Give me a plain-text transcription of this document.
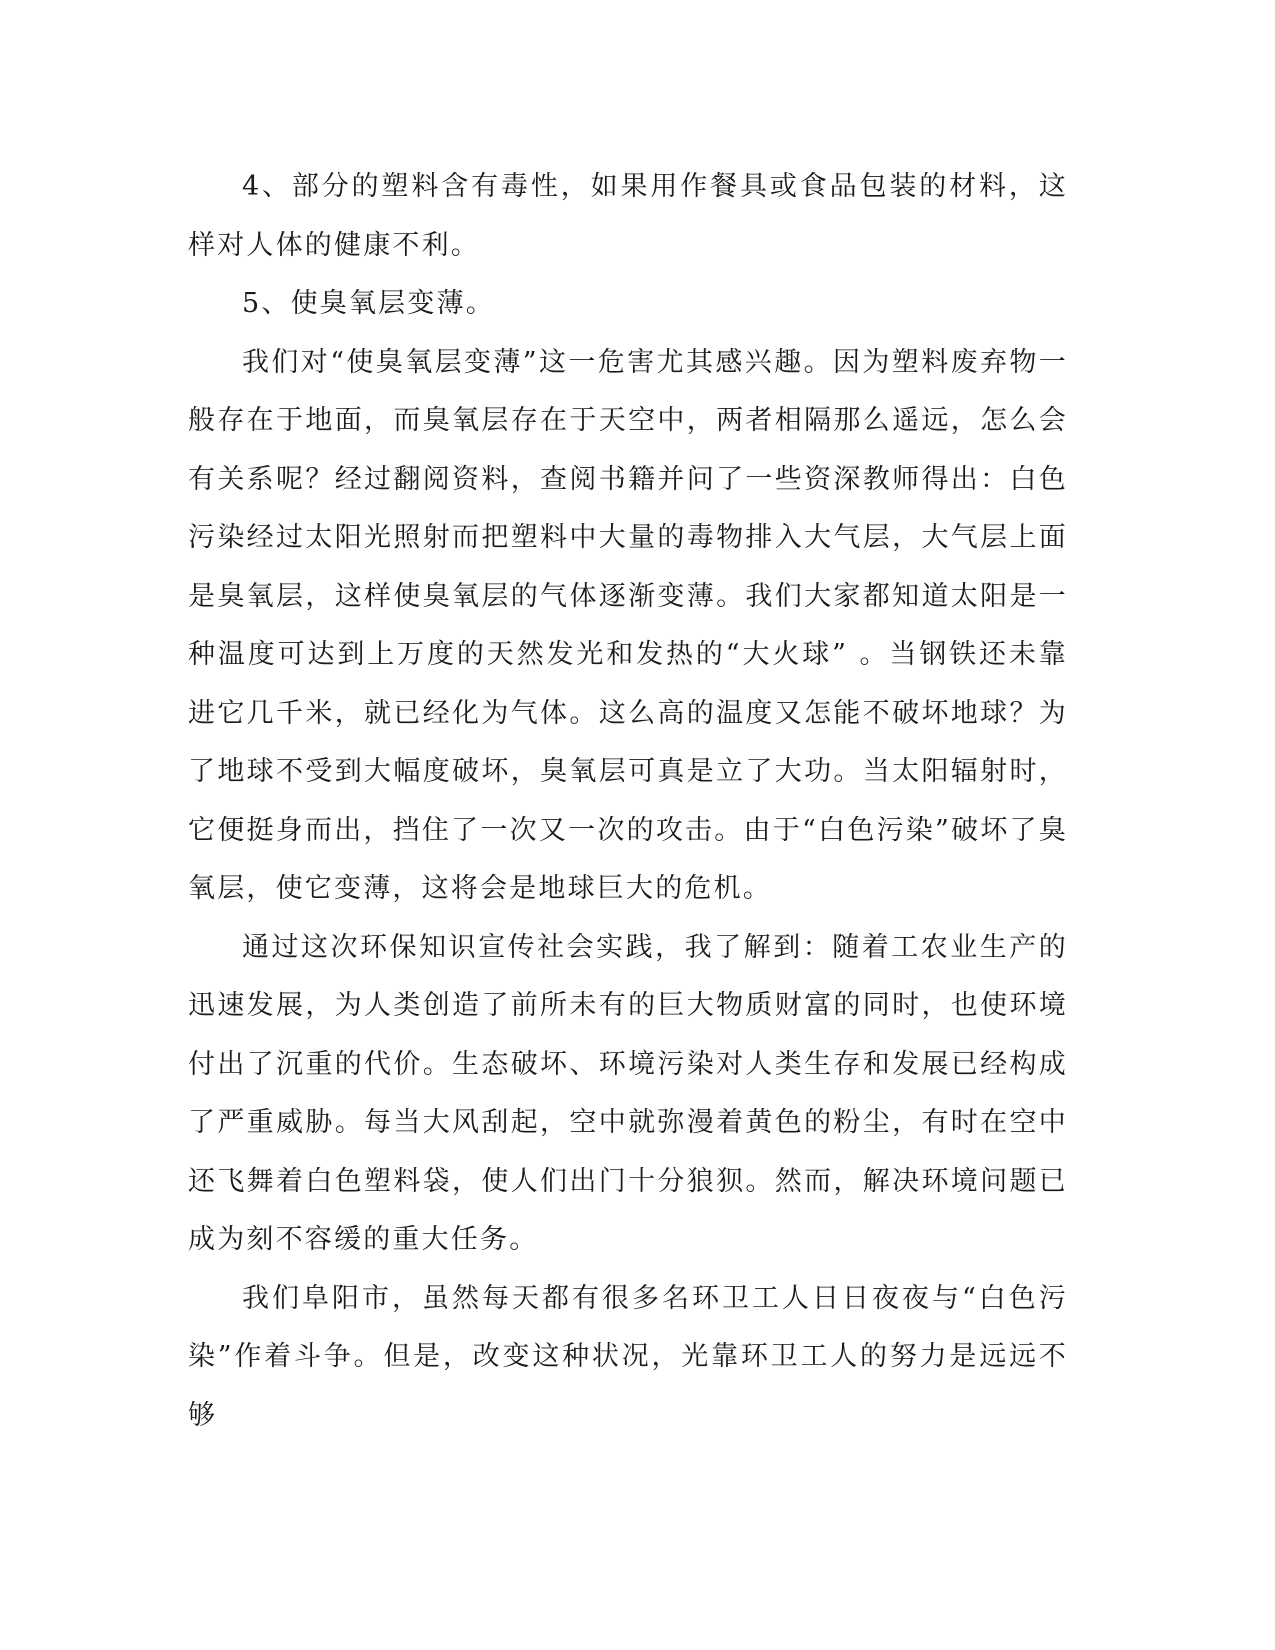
4、部分的塑料含有毒性，如果用作餐具或食品包装的材料，这样对人体的健康不利。

5、使臭氧层变薄。

我们对“使臭氧层变薄”这一危害尤其感兴趣。因为塑料废弃物一般存在于地面，而臭氧层存在于天空中，两者相隔那么遥远，怎么会有关系呢？经过翻阅资料，查阅书籍并问了一些资深教师得出：白色污染经过太阳光照射而把塑料中大量的毒物排入大气层，大气层上面是臭氧层，这样使臭氧层的气体逐渐变薄。我们大家都知道太阳是一种温度可达到上万度的天然发光和发热的“大火球” 。当钢铁还未靠进它几千米，就已经化为气体。这么高的温度又怎能不破坏地球？为了地球不受到大幅度破坏，臭氧层可真是立了大功。当太阳辐射时，它便挺身而出，挡住了一次又一次的攻击。由于“白色污染”破坏了臭氧层，使它变薄，这将会是地球巨大的危机。

通过这次环保知识宣传社会实践，我了解到：随着工农业生产的迅速发展，为人类创造了前所未有的巨大物质财富的同时，也使环境付出了沉重的代价。生态破坏、环境污染对人类生存和发展已经构成了严重威胁。每当大风刮起，空中就弥漫着黄色的粉尘，有时在空中还飞舞着白色塑料袋，使人们出门十分狼狈。然而，解决环境问题已成为刻不容缓的重大任务。

我们阜阳市，虽然每天都有很多名环卫工人日日夜夜与“白色污染”作着斗争。但是，改变这种状况，光靠环卫工人的努力是远远不够
